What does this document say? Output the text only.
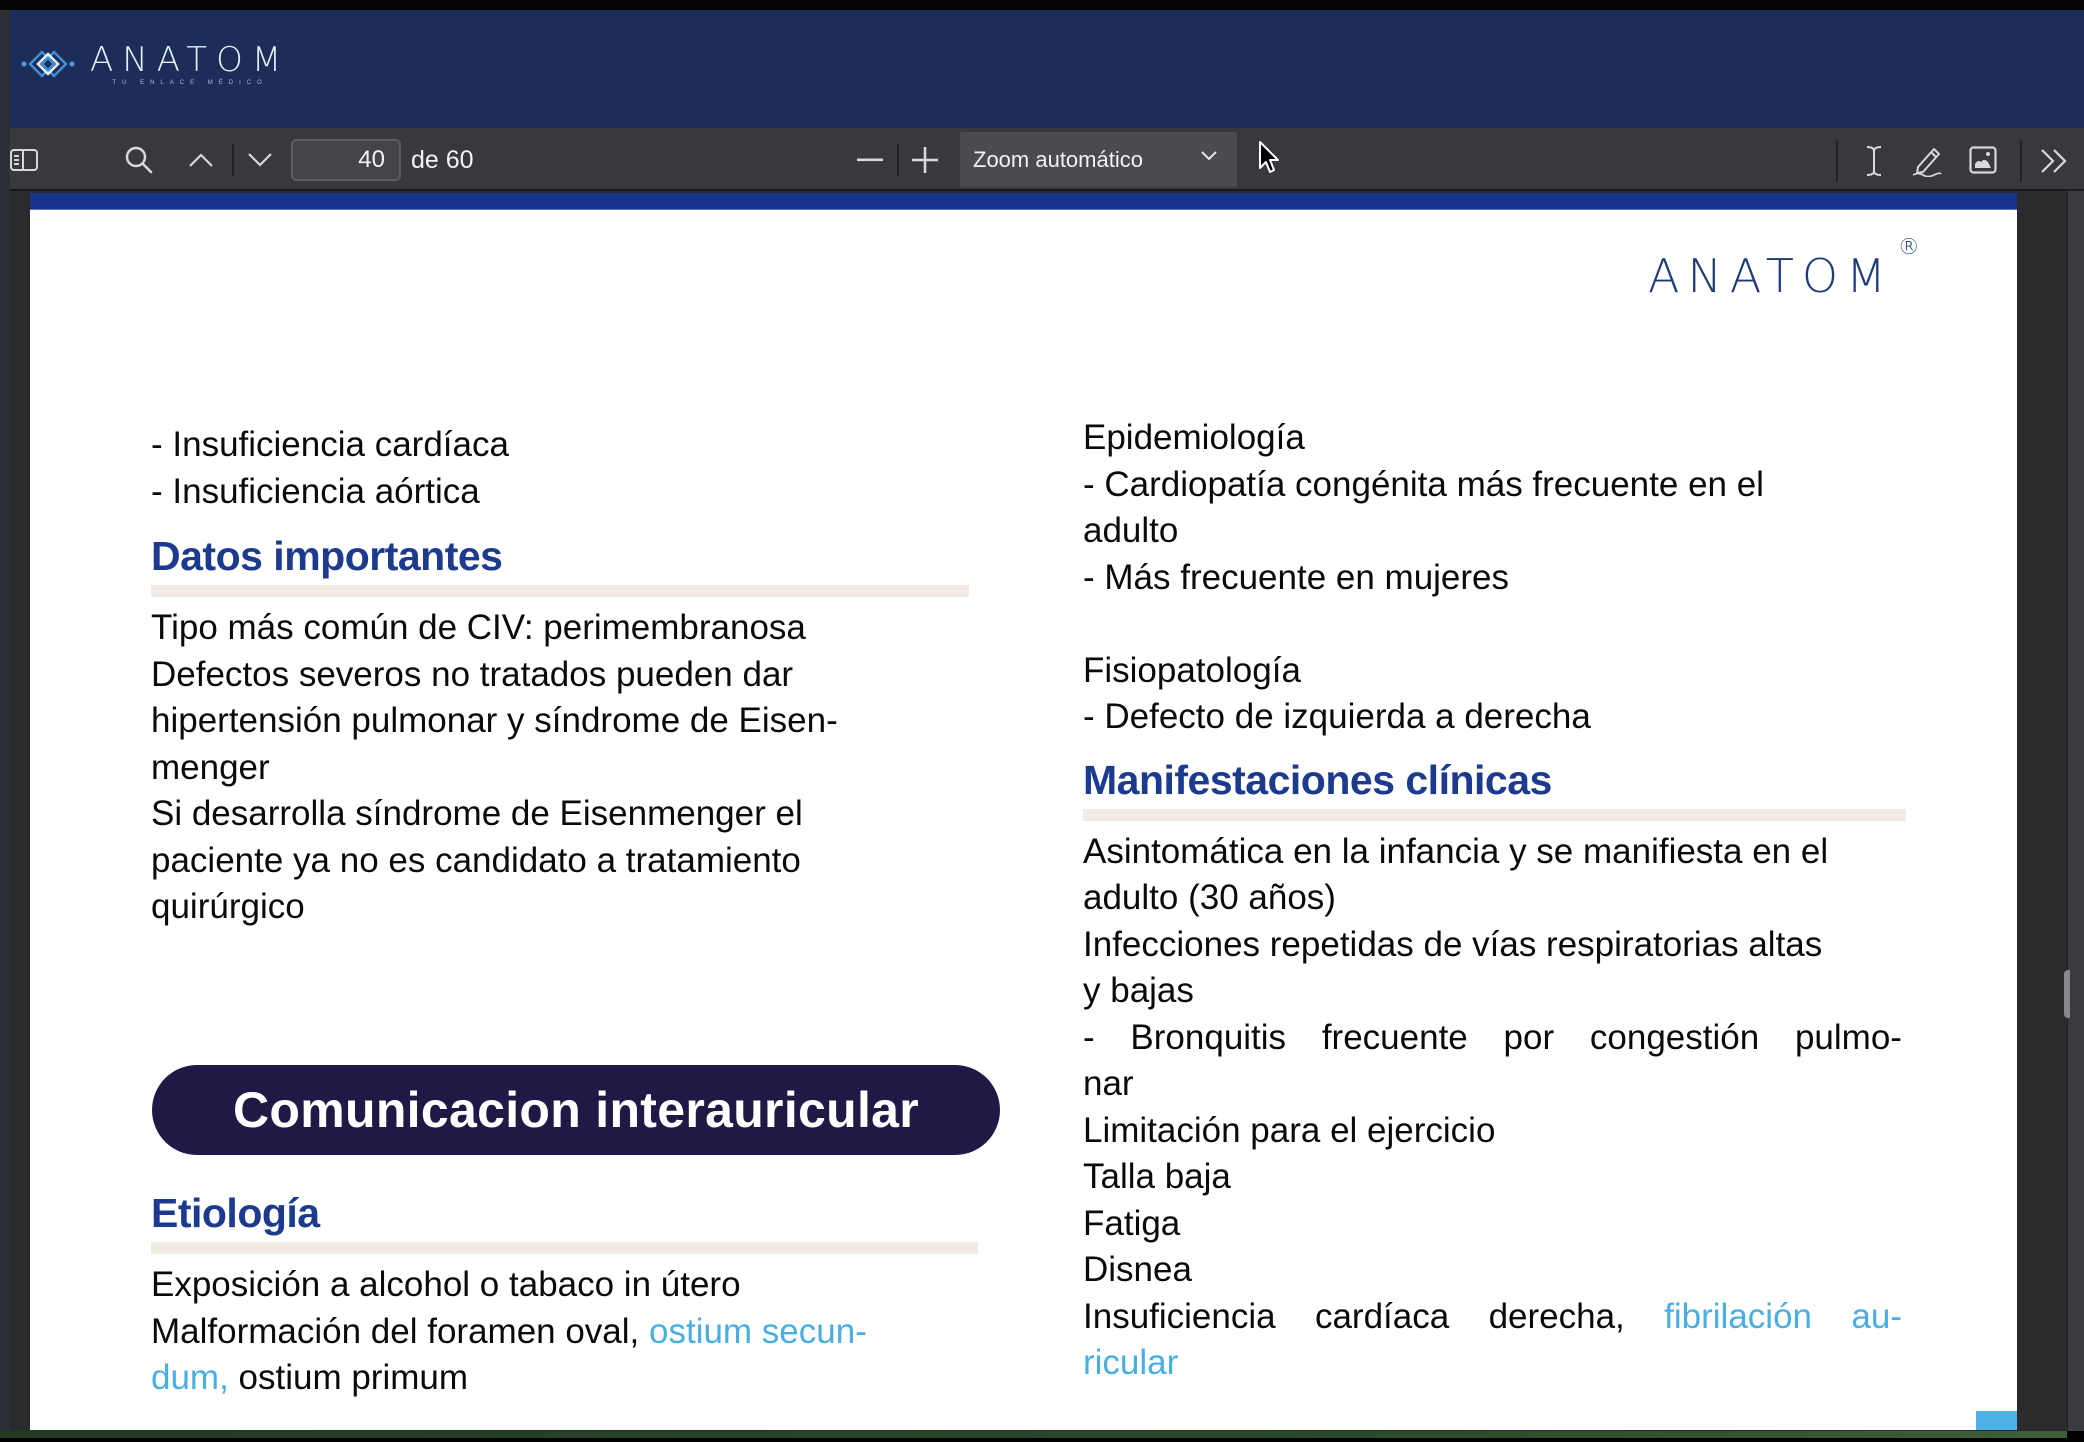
ANATOM
TU ENLACE MÉDICO
40	de 60	Zoom automático
ANATOM
®
- Insuficiencia cardíaca
- Insuficiencia aórtica
Datos importantes
Tipo más común de CIV: perimembranosa
Defectos severos no tratados pueden dar
hipertensión pulmonar y síndrome de Eisen-
menger
Si desarrolla síndrome de Eisenmenger el
paciente ya no es candidato a tratamiento
quirúrgico
Comunicacion interauricular
Etiología
Exposición a alcohol o tabaco in útero
Malformación del foramen oval, ostium secun-
dum, ostium primum
Epidemiología
- Cardiopatía congénita más frecuente en el
adulto
- Más frecuente en mujeres
Fisiopatología
- Defecto de izquierda a derecha
Manifestaciones clínicas
Asintomática en la infancia y se manifiesta en el
adulto (30 años)
Infecciones repetidas de vías respiratorias altas
y bajas
- Bronquitis frecuente por congestión pulmo-
nar
Limitación para el ejercicio
Talla baja
Fatiga
Disnea
Insuficiencia cardíaca derecha, fibrilación au-
ricular
